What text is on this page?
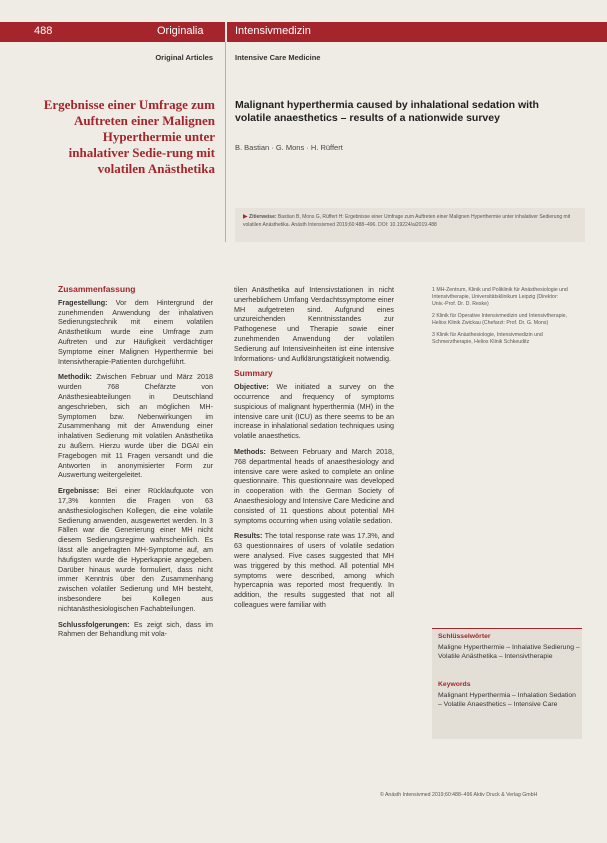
488	Originalia	Intensivmedizin
Original Articles	Intensive Care Medicine
Ergebnisse einer Umfrage zum Auftreten einer Malignen Hyperthermie unter inhalativer Sedie-rung mit volatilen Anästhetika
Malignant hyperthermia caused by inhalational sedation with volatile anaesthetics – results of a nationwide survey
B. Bastian · G. Mons · H. Rüffert
▶ Zitierweise: Bastian B, Mons G, Rüffert H: Ergebnisse einer Umfrage zum Auftreten einer Malignen Hyperthermie unter inhalativer Sedierung mit volatilen Anästhetika. Anästh Intensivmed 2019;60:488–496. DOI: 10.19224/ai2019.488
Zusammenfassung

Fragestellung: Vor dem Hintergrund der zunehmenden Anwendung der inhalativen Sedierungstechnik mit einem volatilen Anästhetikum wurde eine Umfrage zum Auftreten und zur Häufigkeit verdächtiger Symptome einer Malignen Hyperthermie bei Intensivtherapie-Patienten durchgeführt.

Methodik: Zwischen Februar und März 2018 wurden 768 Chefärzte von Anästhesieabteilungen in Deutschland angeschrieben, sich an möglichen MH-Symptomen bzw. Nebenwirkungen im Zusammenhang mit der Anwendung einer inhalativen Sedierung mit volatilen Anästhetika zu äußern. Hierzu wurde über die DGAI ein Fragebogen mit 11 Fragen versandt und die Antworten in anonymisierter Form zur Auswertung weitergeleitet.

Ergebnisse: Bei einer Rücklaufquote von 17,3% konnten die Fragen von 63 anästhesiologischen Kollegen, die eine volatile Sedierung anwenden, ausgewertet werden. In 3 Fällen war die Generierung einer MH nicht diesem Sedierungsregime wahrscheinlich. Es lässt alle angefragten MH-Symptome auf, am häufigsten wurde die Hyperkapnie angegeben. Darüber hinaus wurde formuliert, dass nicht immer Kenntnis über den Zusammenhang zwischen volatiler Sedierung und MH besteht, insbesondere bei Kollegen aus nichtanästhesiologischen Fachabteilungen.

Schlussfolgerungen: Es zeigt sich, dass im Rahmen der Behandlung mit vola-

tilen Anästhetika auf Intensivstationen in nicht unerheblichem Umfang Verdachtssymptome einer MH aufgetreten sind. Aufgrund eines unzureichenden Kenntnisstandes zur Pathogenese und Therapie sowie einer zunehmenden Anwendung der volatilen Sedierung auf Intensiveinheiten ist eine intensive Informations- und Aufklärungstätigkeit notwendig.

Summary

Objective: We initiated a survey on the occurrence and frequency of symptoms suspicious of malignant hyperthermia (MH) in the intensive care unit (ICU) as there seems to be an increase in inhalational sedation techniques using volatile anaesthetics.

Methods: Between February and March 2018, 768 departmental heads of anaesthesiology and intensive care were asked to complete an online questionnaire. This questionnaire was developed in cooperation with the German Society of Anaesthesiology and Intensive Care Medicine and consisted of 11 questions about potential MH symptoms occurring when using volatile sedation.

Results: The total response rate was 17.3%, and 63 questionnaires of users of volatile sedation were analysed. Five cases suggested that MH was triggered by this method. All potential MH symptoms were described, among which hypercapnia was reported most frequently. In addition, the results suggested that not all colleagues were familiar with

1 MH-Zentrum, Klinik und Poliklinik für Anästhesiologie und Intensivtherapie, Universitätsklinikum Leipzig (Direktor: Univ.-Prof. Dr. D. Reske)
2 Klinik für Operative Intensivmedizin und Intensivtherapie, Helios Klinik Zwickau (Chefarzt: Prof. Dr. G. Mons)
3 Klinik für Anästhesiologie, Intensivmedizin und Schmerztherapie, Helios Klinik Schkeuditz
Schlüsselwörter
Maligne Hyperthermie – Inhalative Sedierung – Volatile Anästhetika – Intensivtherapie
Keywords
Malignant Hyperthermia – Inhalation Sedation – Volatile Anaesthetics – Intensive Care
© Anästh Intensivmed 2019;60:488–496 Aktiv Druck & Verlag GmbH
